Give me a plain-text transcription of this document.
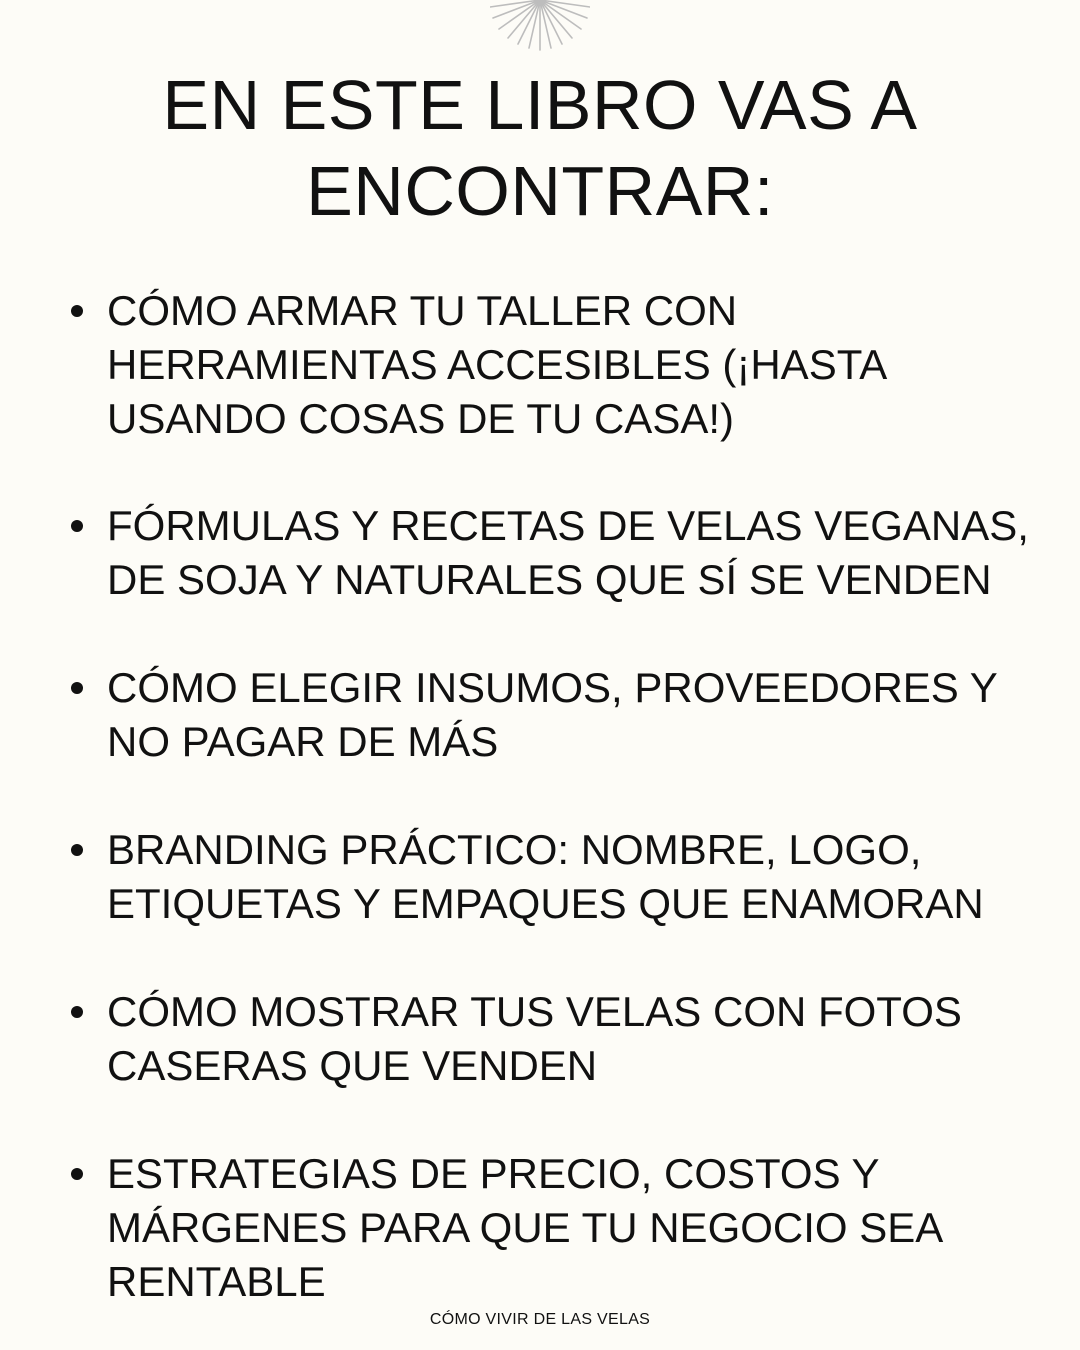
EN ESTE LIBRO VAS A
ENCONTRAR:
CÓMO ARMAR TU TALLER CON
HERRAMIENTAS ACCESIBLES (¡HASTA
USANDO COSAS DE TU CASA!)
FÓRMULAS Y RECETAS DE VELAS VEGANAS,
DE SOJA Y NATURALES QUE SÍ SE VENDEN
CÓMO ELEGIR INSUMOS, PROVEEDORES Y
NO PAGAR DE MÁS
BRANDING PRÁCTICO: NOMBRE, LOGO,
ETIQUETAS Y EMPAQUES QUE ENAMORAN
CÓMO MOSTRAR TUS VELAS CON FOTOS
CASERAS QUE VENDEN
ESTRATEGIAS DE PRECIO, COSTOS Y
MÁRGENES PARA QUE TU NEGOCIO SEA
RENTABLE
CÓMO VIVIR DE LAS VELAS
